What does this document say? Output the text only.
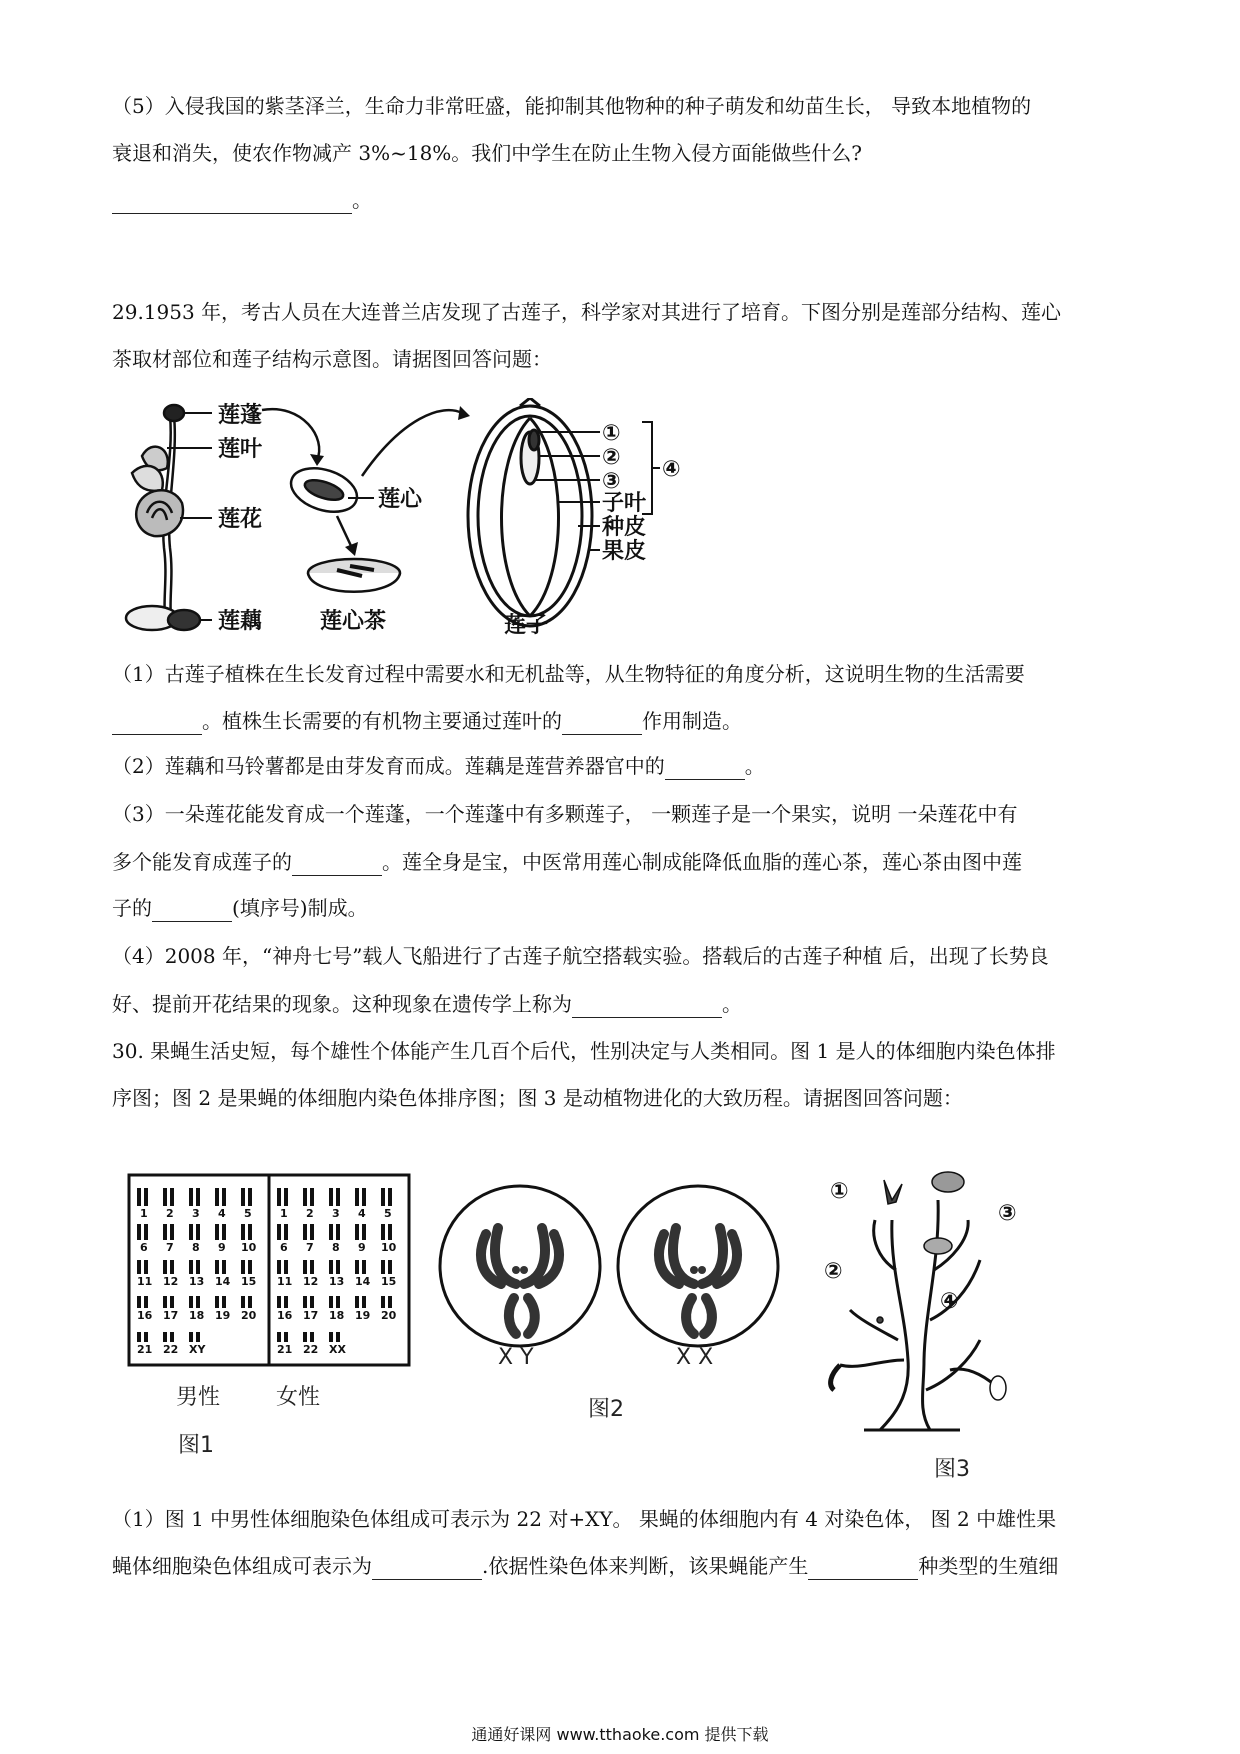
（5）入侵我国的紫茎泽兰，生命力非常旺盛，能抑制其他物种的种子萌发和幼苗生长， 导致本地植物的
衰退和消失，使农作物减产 3%~18%。我们中学生在防止生物入侵方面能做些什么?
。
29.1953 年，考古人员在大连普兰店发现了古莲子，科学家对其进行了培育。下图分别是莲部分结构、莲心
茶取材部位和莲子结构示意图。请据图回答问题：
莲蓬
莲叶
莲花
莲藕
莲心
莲心茶
①
②
③
子叶
种皮
果皮
④
莲子
（1）古莲子植株在生长发育过程中需要水和无机盐等，从生物特征的角度分析，这说明生物的生活需要
。植株生长需要的有机物主要通过莲叶的	作用制造。
（2）莲藕和马铃薯都是由芽发育而成。莲藕是莲营养器官中的	。
（3）一朵莲花能发育成一个莲蓬，一个莲蓬中有多颗莲子， 一颗莲子是一个果实，说明 一朵莲花中有
多个能发育成莲子的	。莲全身是宝，中医常用莲心制成能降低血脂的莲心茶，莲心茶由图中莲
子的	(填序号)制成。
（4）2008 年，“神舟七号”载人飞船进行了古莲子航空搭载实验。搭载后的古莲子种植 后，出现了长势良
好、提前开花结果的现象。这种现象在遗传学上称为	。
30. 果蝇生活史短，每个雄性个体能产生几百个后代，性别决定与人类相同。图 1 是人的体细胞内染色体排
序图；图 2 是果蝇的体细胞内染色体排序图；图 3 是动植物进化的大致历程。请据图回答问题：
1 2 3 4 5
6 7 8 9 10
11 12 13 14 15
16 17 18 19 20
21 22 XY
1 2 3 4 5
6 7 8 9 10
11 12 13 14 15
16 17 18 19 20
21 22 XX
男性	女性
图1
X Y	X X
图2
①
②
③
④
图3
（1）图 1 中男性体细胞染色体组成可表示为 22 对+XY。 果蝇的体细胞内有 4 对染色体， 图 2 中雄性果
蝇体细胞染色体组成可表示为	.依据性染色体来判断，该果蝇能产生	种类型的生殖细
通通好课网 www.tthaoke.com 提供下载
